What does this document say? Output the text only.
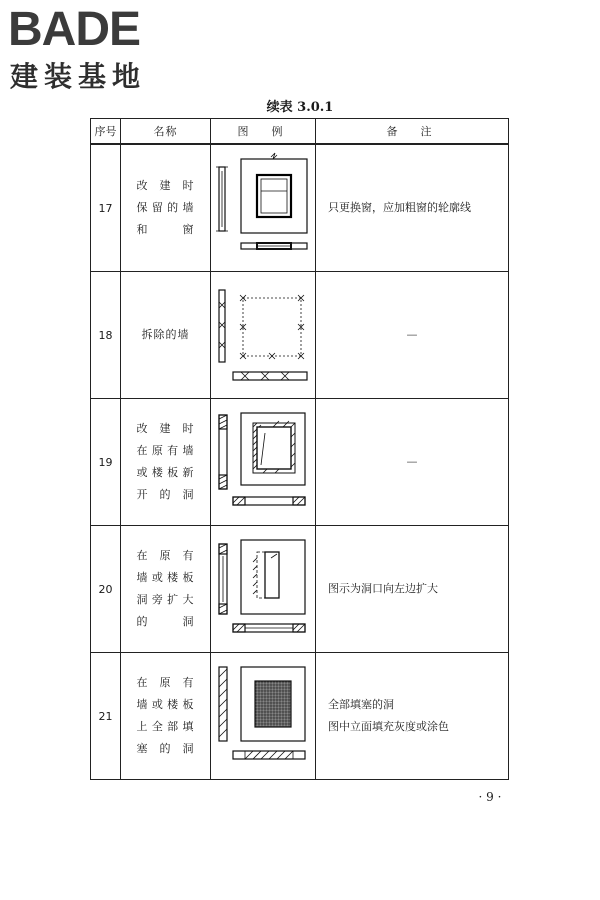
BADE
建装基地
续表 3.0.1
序号	名称	图　例	备　注
17	改建时
保留的墙
和窗		只更换窗，应加粗窗的轮廓线
18	拆除的墙		—

19	改建时
在原有墙
或楼板新
开的洞		—

20	在原有
墙或楼板
洞旁扩大
的洞		图示为洞口向左边扩大
21	在原有
墙或楼板
上全部填
塞的洞		全部填塞的洞
图中立面填充灰度或涂色
· 9 ·
